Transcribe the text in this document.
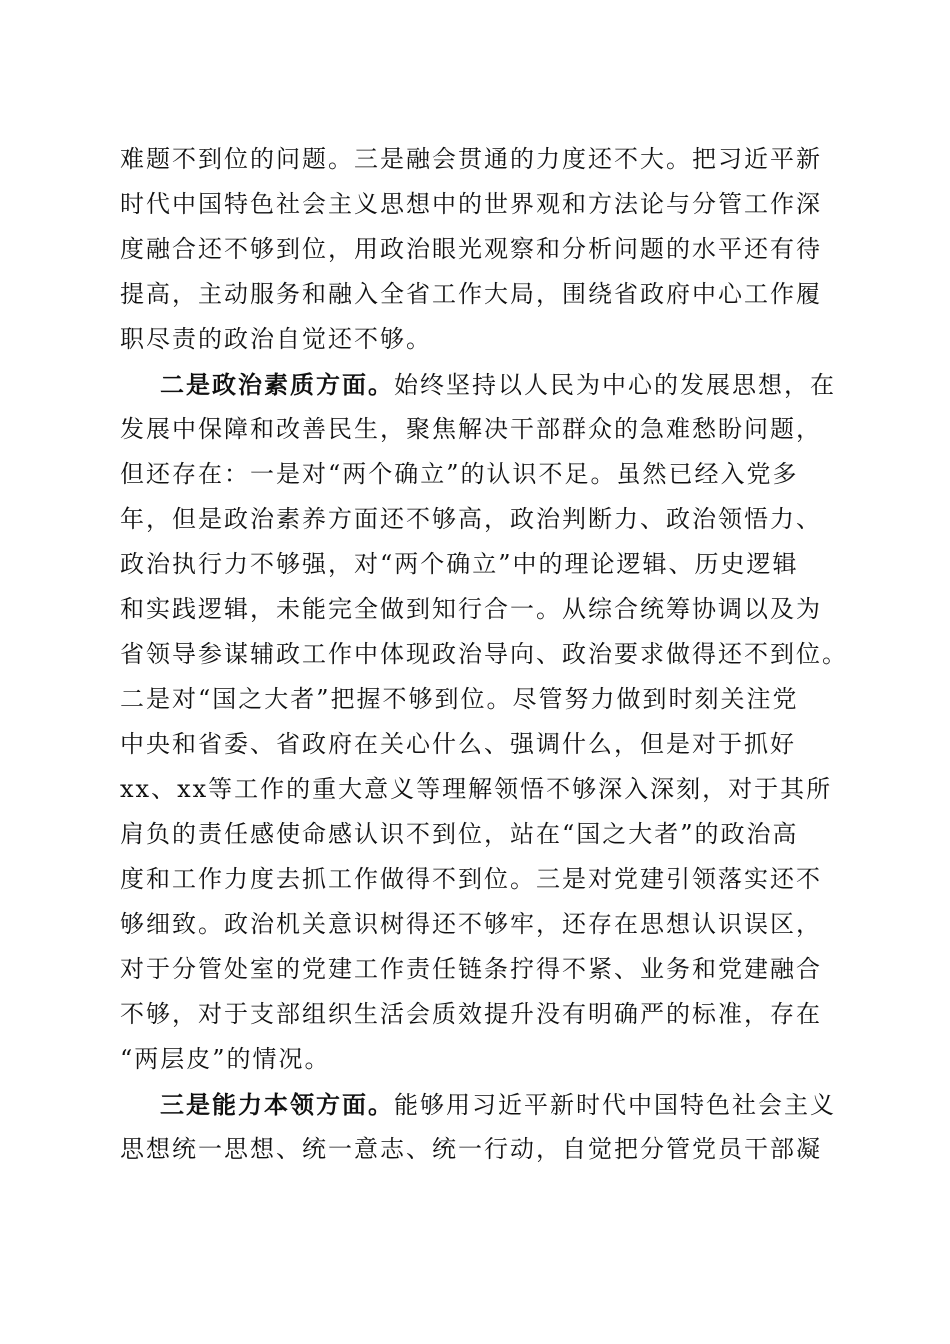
难题不到位的问题。三是融会贯通的力度还不大。把习近平新
时代中国特色社会主义思想中的世界观和方法论与分管工作深
度融合还不够到位，用政治眼光观察和分析问题的水平还有待
提高，主动服务和融入全省工作大局，围绕省政府中心工作履
职尽责的政治自觉还不够。
二是政治素质方面。始终坚持以人民为中心的发展思想，在
发展中保障和改善民生，聚焦解决干部群众的急难愁盼问题，
但还存在：一是对“两个确立”的认识不足。虽然已经入党多
年，但是政治素养方面还不够高，政治判断力、政治领悟力、
政治执行力不够强，对“两个确立”中的理论逻辑、历史逻辑
和实践逻辑，未能完全做到知行合一。从综合统筹协调以及为
省领导参谋辅政工作中体现政治导向、政治要求做得还不到位。
二是对“国之大者”把握不够到位。尽管努力做到时刻关注党
中央和省委、省政府在关心什么、强调什么，但是对于抓好
xx、xx等工作的重大意义等理解领悟不够深入深刻，对于其所
肩负的责任感使命感认识不到位，站在“国之大者”的政治高
度和工作力度去抓工作做得不到位。三是对党建引领落实还不
够细致。政治机关意识树得还不够牢，还存在思想认识误区，
对于分管处室的党建工作责任链条拧得不紧、业务和党建融合
不够，对于支部组织生活会质效提升没有明确严的标准，存在
“两层皮”的情况。
三是能力本领方面。能够用习近平新时代中国特色社会主义
思想统一思想、统一意志、统一行动，自觉把分管党员干部凝
